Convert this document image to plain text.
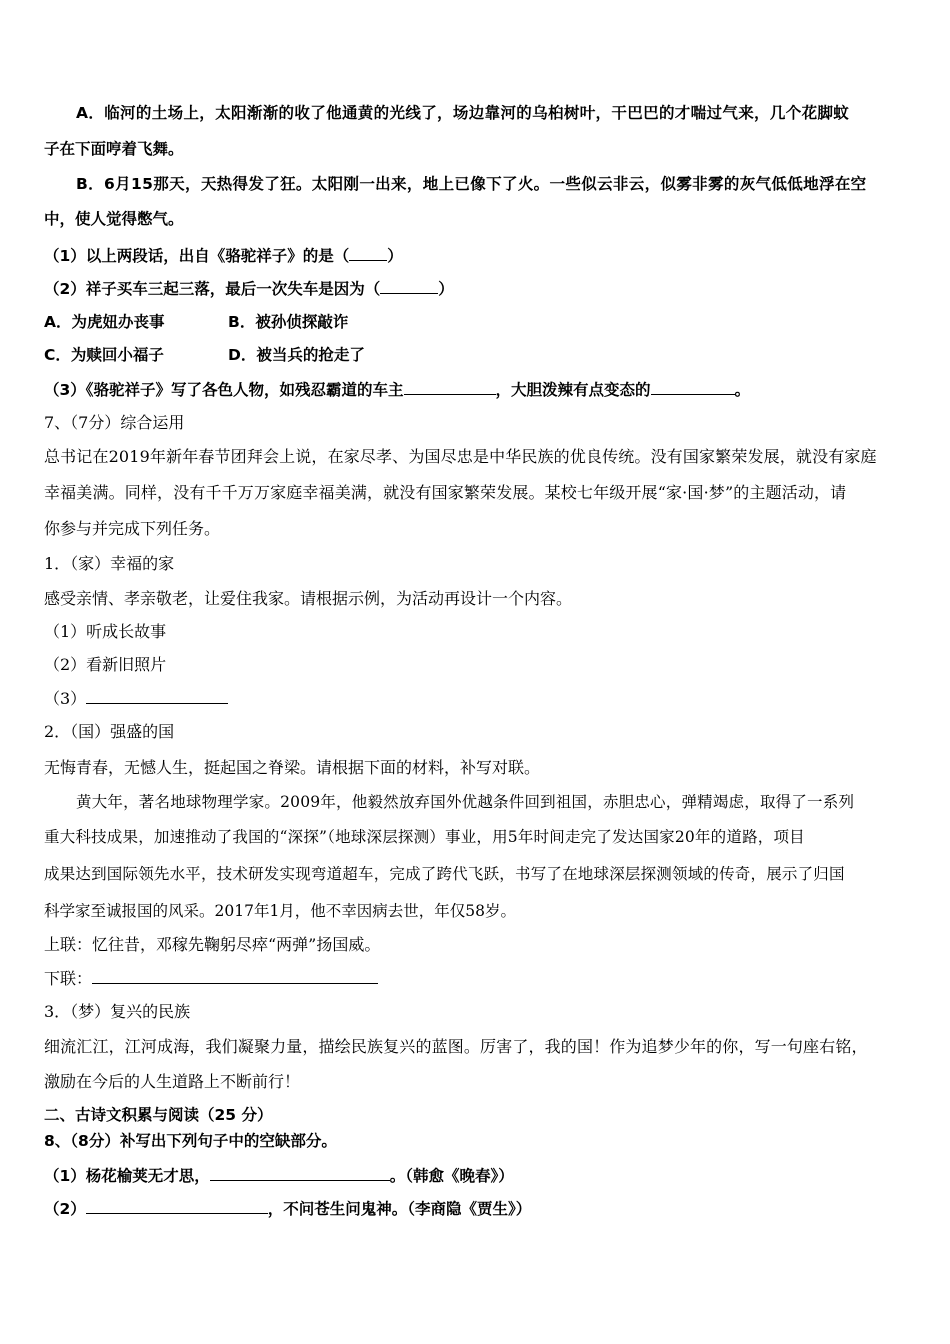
A．临河的土场上，太阳渐渐的收了他通黄的光线了，场边靠河的乌桕树叶，干巴巴的才喘过气来，几个花脚蚊
子在下面哼着飞舞。
B．6月15那天，天热得发了狂。太阳刚一出来，地上已像下了火。一些似云非云，似雾非雾的灰气低低地浮在空
中，使人觉得憋气。
（1）以上两段话，出自《骆驼祥子》的是（ ）
（2）祥子买车三起三落，最后一次失车是因为（	）
A．为虎妞办丧事	B．被孙侦探敲诈
C．为赎回小福子	D．被当兵的抢走了
（3）《骆驼祥子》写了各色人物，如残忍霸道的车主	，大胆泼辣有点变态的	。
7、（7分）综合运用
总书记在2019年新年春节团拜会上说，在家尽孝、为国尽忠是中华民族的优良传统。没有国家繁荣发展，就没有家庭
幸福美满。同样，没有千千万万家庭幸福美满，就没有国家繁荣发展。某校七年级开展“家·国·梦”的主题活动，请
你参与并完成下列任务。
1．（家）幸福的家
感受亲情、孝亲敬老，让爱住我家。请根据示例，为活动再设计一个内容。
（1）听成长故事
（2）看新旧照片
（3）
2．（国）强盛的国
无悔青春，无憾人生，挺起国之脊梁。请根据下面的材料，补写对联。
黄大年，著名地球物理学家。2009年，他毅然放弃国外优越条件回到祖国，赤胆忠心，弹精竭虑，取得了一系列
重大科技成果，加速推动了我国的“深探”（地球深层探测）事业，用5年时间走完了发达国家20年的道路，项目
成果达到国际领先水平，技术研发实现弯道超车，完成了跨代飞跃，书写了在地球深层探测领域的传奇，展示了归国
科学家至诚报国的风采。2017年1月，他不幸因病去世，年仅58岁。
上联：忆往昔，邓稼先鞠躬尽瘁“两弹”扬国威。
下联：
3．（梦）复兴的民族
细流汇江，江河成海，我们凝聚力量，描绘民族复兴的蓝图。厉害了，我的国！作为追梦少年的你，写一句座右铭，
激励在今后的人生道路上不断前行！
二、古诗文积累与阅读（25 分）
8、（8分）补写出下列句子中的空缺部分。
（1）杨花榆荚无才思，	。（韩愈《晚春》）
（2）	，不问苍生问鬼神。（李商隐《贾生》）
